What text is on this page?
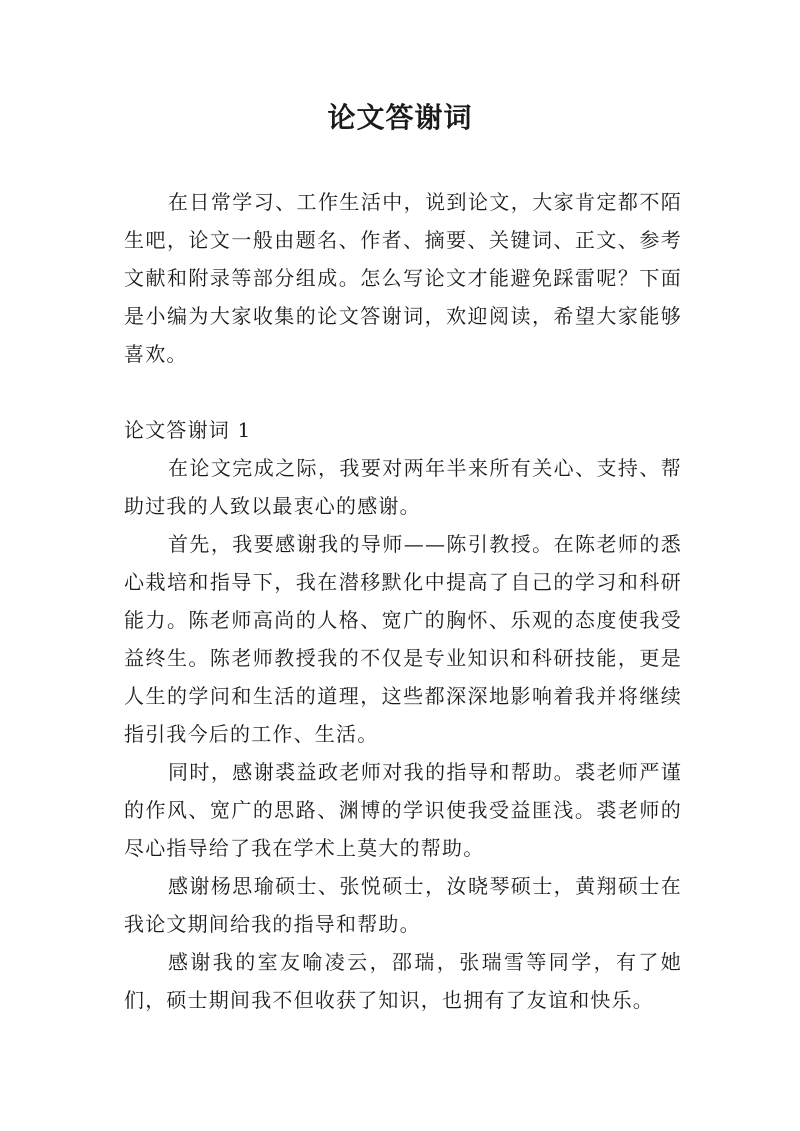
论文答谢词

在日常学习、工作生活中，说到论文，大家肯定都不陌生吧，论文一般由题名、作者、摘要、关键词、正文、参考文献和附录等部分组成。怎么写论文才能避免踩雷呢？下面是小编为大家收集的论文答谢词，欢迎阅读，希望大家能够喜欢。

论文答谢词 1

在论文完成之际，我要对两年半来所有关心、支持、帮助过我的人致以最衷心的感谢。

首先，我要感谢我的导师——陈引教授。在陈老师的悉心栽培和指导下，我在潜移默化中提高了自己的学习和科研能力。陈老师高尚的人格、宽广的胸怀、乐观的态度使我受益终生。陈老师教授我的不仅是专业知识和科研技能，更是人生的学问和生活的道理，这些都深深地影响着我并将继续指引我今后的工作、生活。

同时，感谢裘益政老师对我的指导和帮助。裘老师严谨的作风、宽广的思路、渊博的学识使我受益匪浅。裘老师的尽心指导给了我在学术上莫大的帮助。

感谢杨思瑜硕士、张悦硕士，汝晓琴硕士，黄翔硕士在我论文期间给我的指导和帮助。

感谢我的室友喻凌云，邵瑞，张瑞雪等同学，有了她们，硕士期间我不但收获了知识，也拥有了友谊和快乐。
